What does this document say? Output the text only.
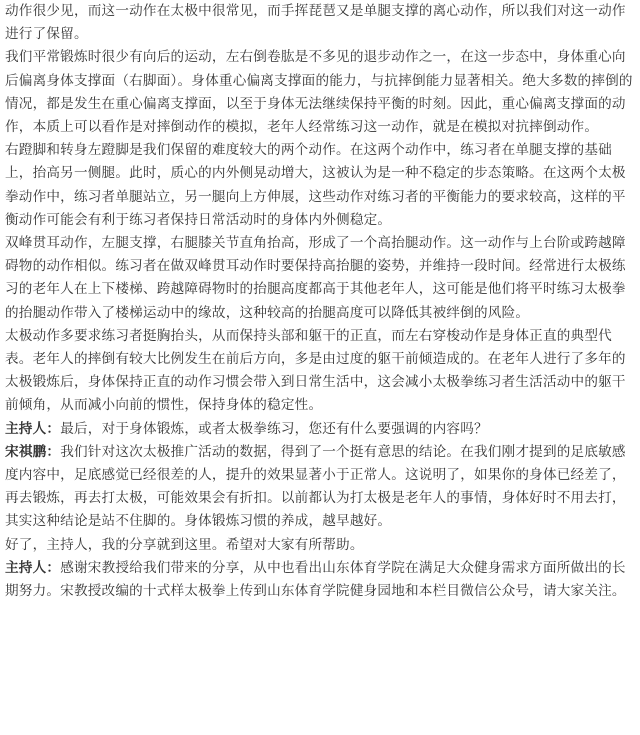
动作很少见，而这一动作在太极中很常见，而手挥琵琶又是单腿支撑的离心动作，所以我们对这一动作进行了保留。

我们平常锻炼时很少有向后的运动，左右倒卷肱是不多见的退步动作之一，在这一步态中，身体重心向后偏离身体支撑面（右脚面）。身体重心偏离支撑面的能力，与抗摔倒能力显著相关。绝大多数的摔倒的情况，都是发生在重心偏离支撑面，以至于身体无法继续保持平衡的时刻。因此，重心偏离支撑面的动作，本质上可以看作是对摔倒动作的模拟，老年人经常练习这一动作，就是在模拟对抗摔倒动作。

右蹬脚和转身左蹬脚是我们保留的难度较大的两个动作。在这两个动作中，练习者在单腿支撑的基础上，抬高另一侧腿。此时，质心的内外侧晃动增大，这被认为是一种不稳定的步态策略。在这两个太极拳动作中，练习者单腿站立，另一腿向上方伸展，这些动作对练习者的平衡能力的要求较高，这样的平衡动作可能会有利于练习者保持日常活动时的身体内外侧稳定。

双峰贯耳动作，左腿支撑，右腿膝关节直角抬高，形成了一个高抬腿动作。这一动作与上台阶或跨越障碍物的动作相似。练习者在做双峰贯耳动作时要保持高抬腿的姿势，并维持一段时间。经常进行太极练习的老年人在上下楼梯、跨越障碍物时的抬腿高度都高于其他老年人，这可能是他们将平时练习太极拳的抬腿动作带入了楼梯运动中的缘故，这种较高的抬腿高度可以降低其被绊倒的风险。

太极动作多要求练习者挺胸抬头，从而保持头部和躯干的正直，而左右穿梭动作是身体正直的典型代表。老年人的摔倒有较大比例发生在前后方向，多是由过度的躯干前倾造成的。在老年人进行了多年的太极锻炼后，身体保持正直的动作习惯会带入到日常生活中，这会减小太极拳练习者生活活动中的躯干前倾角，从而减小向前的惯性，保持身体的稳定性。

主持人：最后，对于身体锻炼，或者太极拳练习，您还有什么要强调的内容吗？

宋祺鹏：我们针对这次太极推广活动的数据，得到了一个挺有意思的结论。在我们刚才提到的足底敏感度内容中，足底感觉已经很差的人，提升的效果显著小于正常人。这说明了，如果你的身体已经差了，再去锻炼，再去打太极，可能效果会有折扣。以前都认为打太极是老年人的事情，身体好时不用去打，其实这种结论是站不住脚的。身体锻炼习惯的养成，越早越好。

好了，主持人，我的分享就到这里。希望对大家有所帮助。

主持人：感谢宋教授给我们带来的分享，从中也看出山东体育学院在满足大众健身需求方面所做出的长期努力。宋教授改编的十式样太极拳上传到山东体育学院健身园地和本栏目微信公众号，请大家关注。
